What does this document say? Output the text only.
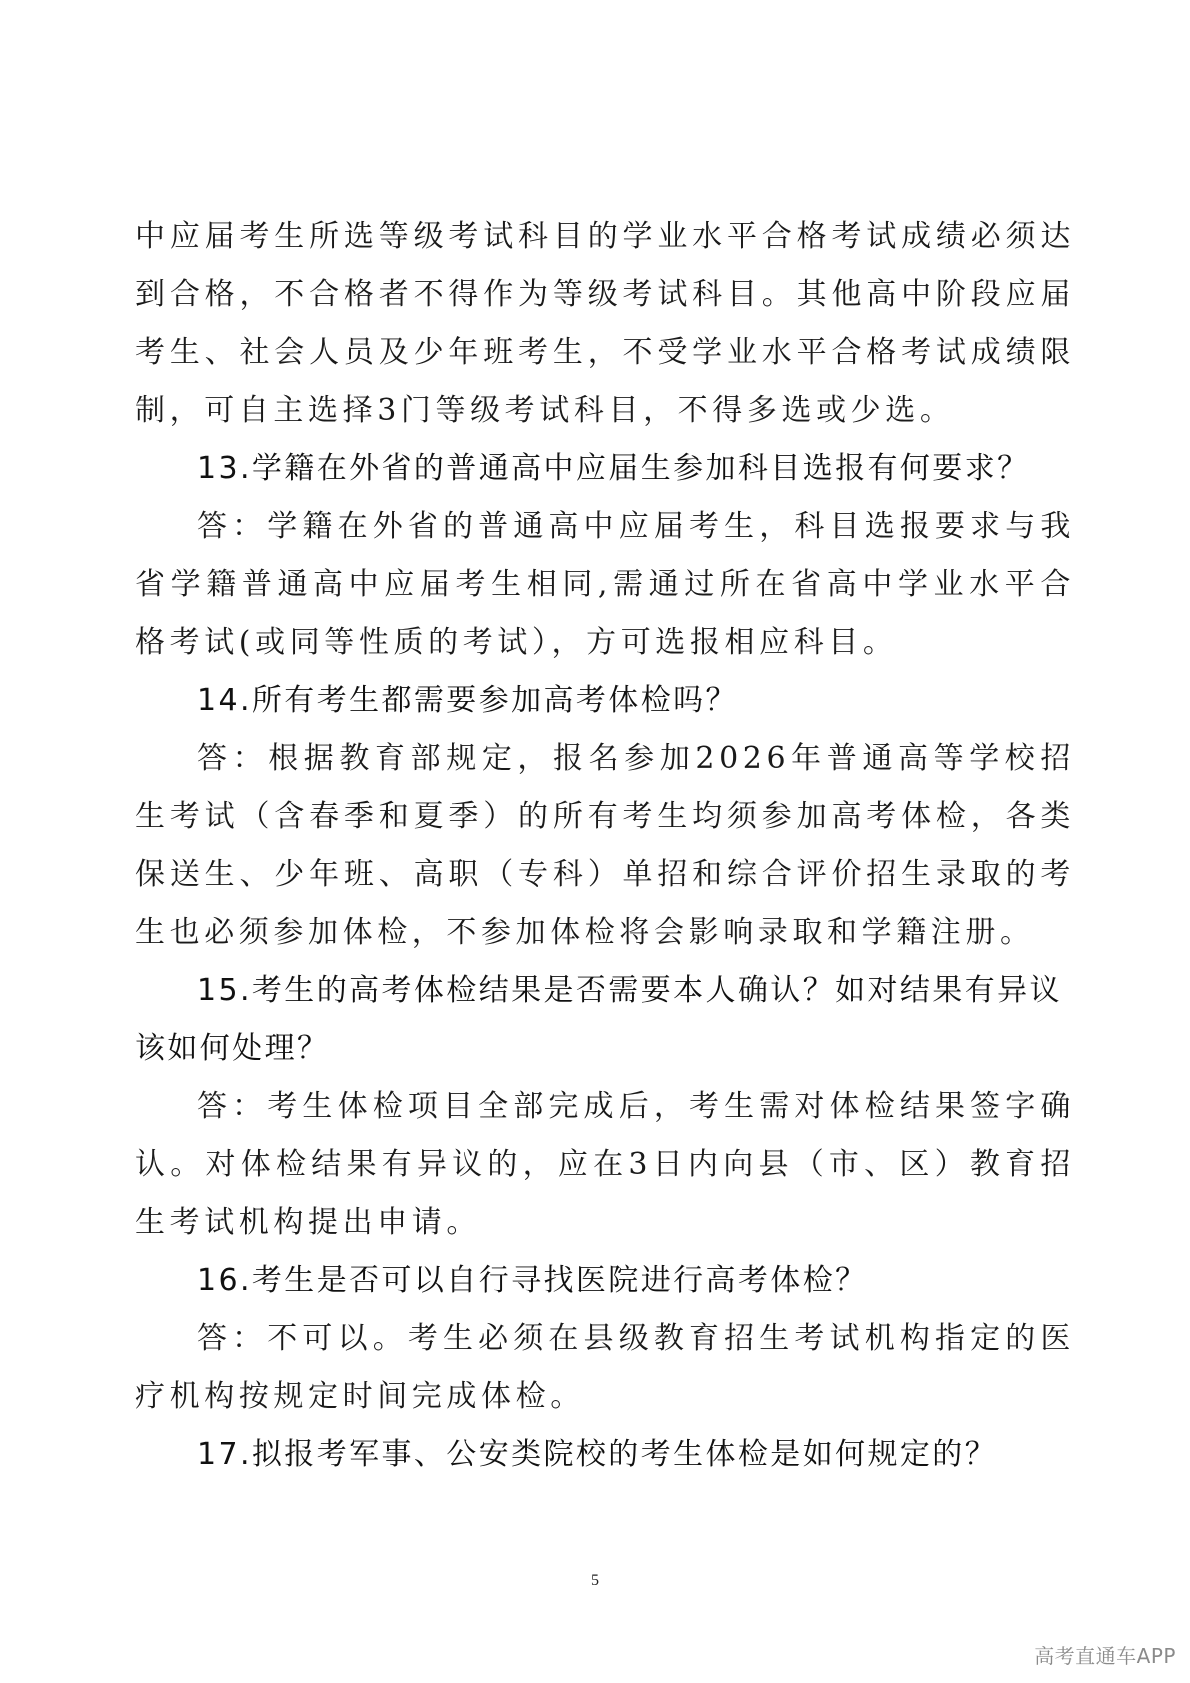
中应届考生所选等级考试科目的学业水平合格考试成绩必须达到合格，不合格者不得作为等级考试科目。其他高中阶段应届考生、社会人员及少年班考生，不受学业水平合格考试成绩限制，可自主选择3门等级考试科目，不得多选或少选。

13.学籍在外省的普通高中应届生参加科目选报有何要求？

答：学籍在外省的普通高中应届考生，科目选报要求与我省学籍普通高中应届考生相同,需通过所在省高中学业水平合格考试(或同等性质的考试），方可选报相应科目。

14.所有考生都需要参加高考体检吗？

答：根据教育部规定，报名参加2026年普通高等学校招生考试（含春季和夏季）的所有考生均须参加高考体检，各类保送生、少年班、高职（专科）单招和综合评价招生录取的考生也必须参加体检，不参加体检将会影响录取和学籍注册。

15.考生的高考体检结果是否需要本人确认？如对结果有异议该如何处理？

答：考生体检项目全部完成后，考生需对体检结果签字确认。对体检结果有异议的，应在3日内向县（市、区）教育招生考试机构提出申请。

16.考生是否可以自行寻找医院进行高考体检？

答：不可以。考生必须在县级教育招生考试机构指定的医疗机构按规定时间完成体检。

17.拟报考军事、公安类院校的考生体检是如何规定的？

5
高考直通车APP
